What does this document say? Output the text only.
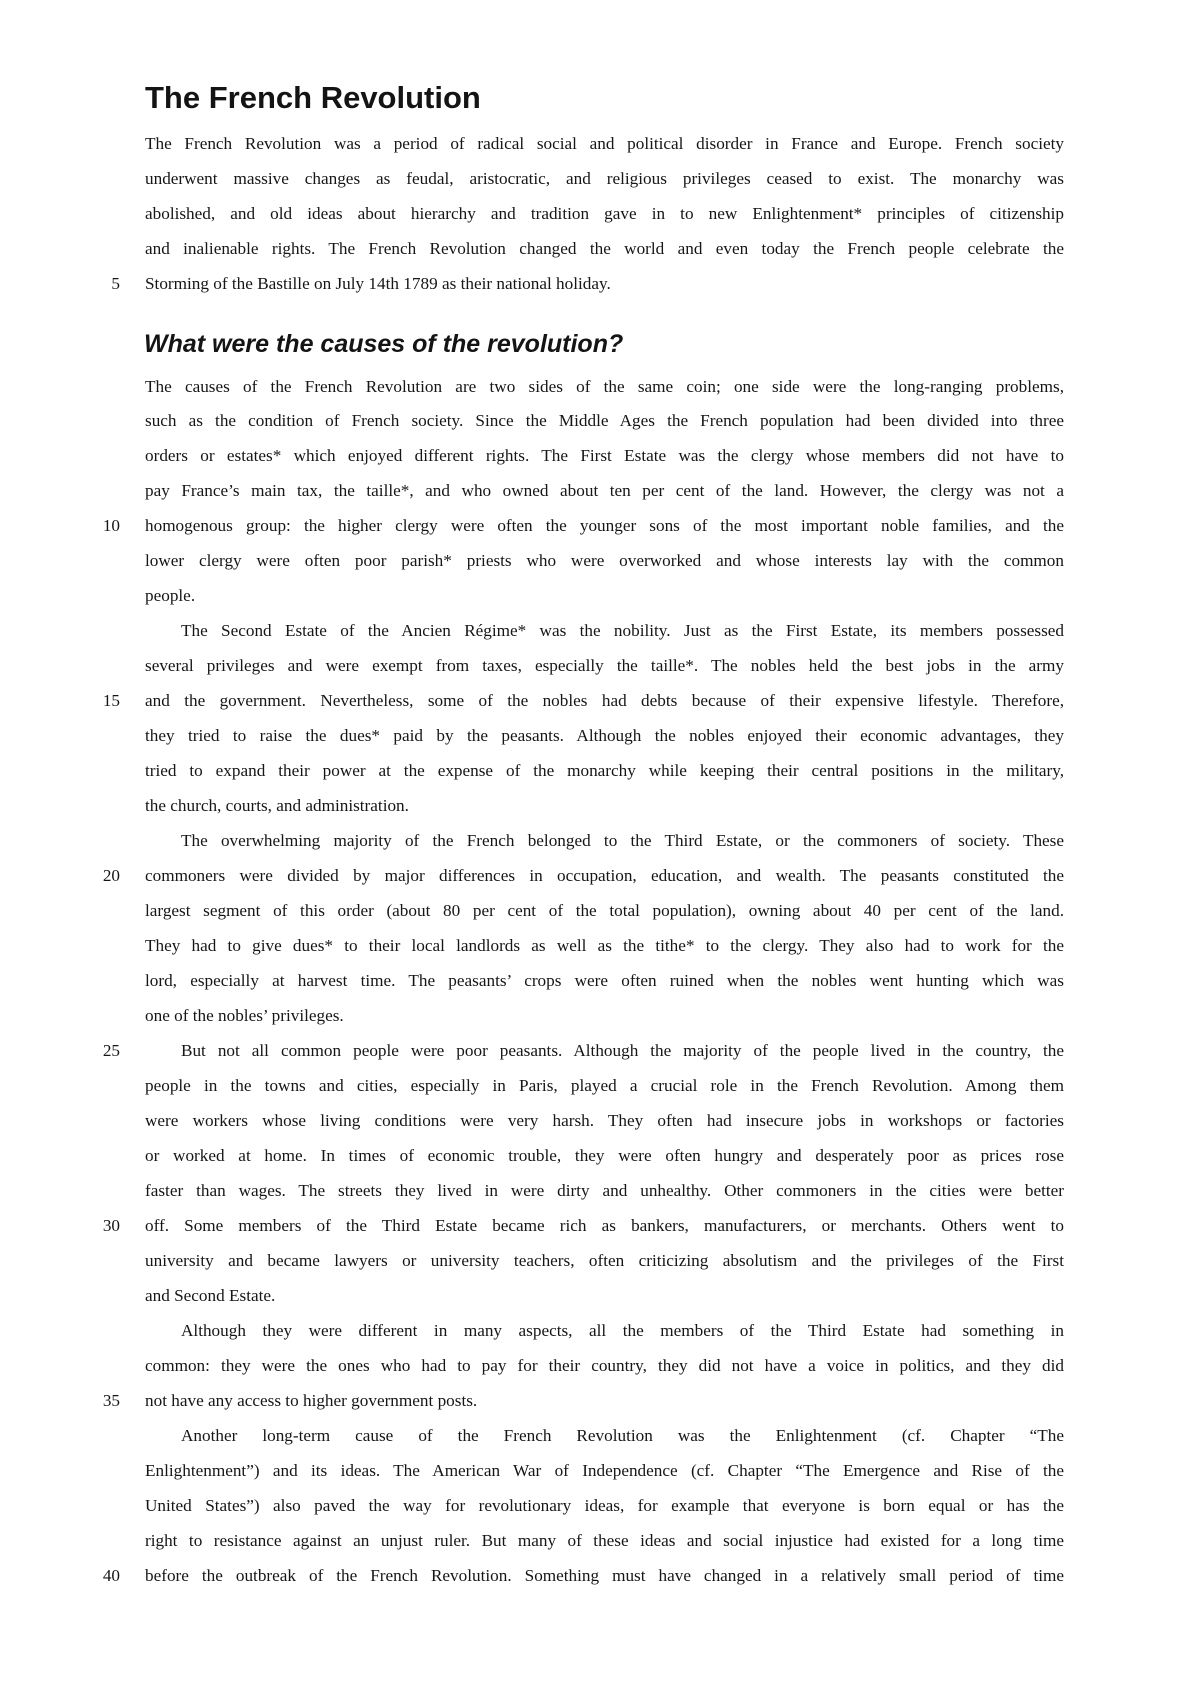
The French Revolution
The French Revolution was a period of radical social and political disorder in France and Europe. French society
underwent massive changes as feudal, aristocratic, and religious privileges ceased to exist. The monarchy was
abolished, and old ideas about hierarchy and tradition gave in to new Enlightenment* principles of citizenship
and inalienable rights. The French Revolution changed the world and even today the French people celebrate the
Storming of the Bastille on July 14th 1789 as their national holiday.
5
What were the causes of the revolution?
The causes of the French Revolution are two sides of the same coin; one side were the long-ranging problems,
such as the condition of French society. Since the Middle Ages the French population had been divided into three
orders or estates* which enjoyed different rights. The First Estate was the clergy whose members did not have to
pay France’s main tax, the taille*, and who owned about ten per cent of the land. However, the clergy was not a
homogenous group: the higher clergy were often the younger sons of the most important noble families, and the
10
lower clergy were often poor parish* priests who were overworked and whose interests lay with the common
people.
The Second Estate of the Ancien Régime* was the nobility. Just as the First Estate, its members possessed
several privileges and were exempt from taxes, especially the taille*. The nobles held the best jobs in the army
and the government. Nevertheless, some of the nobles had debts because of their expensive lifestyle. Therefore,
15
they tried to raise the dues* paid by the peasants. Although the nobles enjoyed their economic advantages, they
tried to expand their power at the expense of the monarchy while keeping their central positions in the military,
the church, courts, and administration.
The overwhelming majority of the French belonged to the Third Estate, or the commoners of society. These
commoners were divided by major differences in occupation, education, and wealth. The peasants constituted the
20
largest segment of this order (about 80 per cent of the total population), owning about 40 per cent of the land.
They had to give dues* to their local landlords as well as the tithe* to the clergy. They also had to work for the
lord, especially at harvest time. The peasants’ crops were often ruined when the nobles went hunting which was
one of the nobles’ privileges.
But not all common people were poor peasants. Although the majority of the people lived in the country, the
25
people in the towns and cities, especially in Paris, played a crucial role in the French Revolution. Among them
were workers whose living conditions were very harsh. They often had insecure jobs in workshops or factories
or worked at home. In times of economic trouble, they were often hungry and desperately poor as prices rose
faster than wages. The streets they lived in were dirty and unhealthy. Other commoners in the cities were better
off. Some members of the Third Estate became rich as bankers, manufacturers, or merchants. Others went to
30
university and became lawyers or university teachers, often criticizing absolutism and the privileges of the First
and Second Estate.
Although they were different in many aspects, all the members of the Third Estate had something in
common: they were the ones who had to pay for their country, they did not have a voice in politics, and they did
not have any access to higher government posts.
35
Another long-term cause of the French Revolution was the Enlightenment (cf. Chapter “The
Enlightenment”) and its ideas. The American War of Independence (cf. Chapter “The Emergence and Rise of the
United States”) also paved the way for revolutionary ideas, for example that everyone is born equal or has the
right to resistance against an unjust ruler. But many of these ideas and social injustice had existed for a long time
before the outbreak of the French Revolution. Something must have changed in a relatively small period of time
40
